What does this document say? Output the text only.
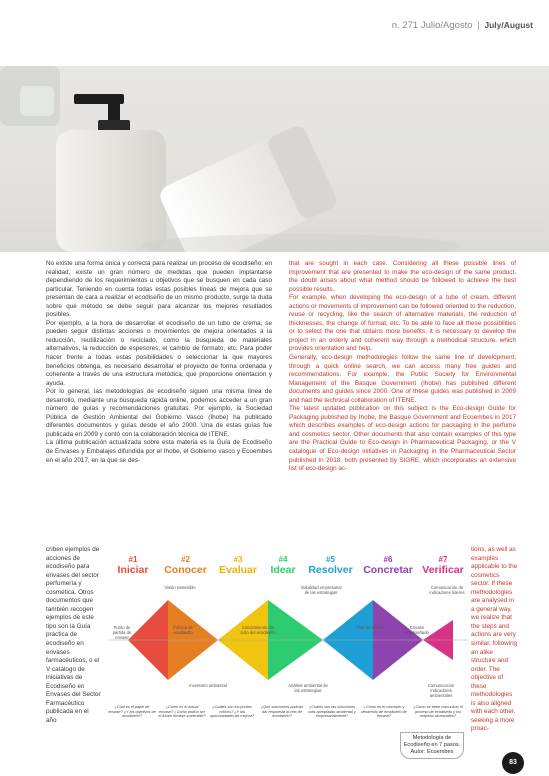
n. 271 Julio/Agosto | July/August

No existe una forma única y correcta para realizar un proceso de ecodiseño; en realidad, existe un gran número de medidas que pueden implantarse dependiendo de los requerimientos u objetivos que se busquen en cada caso particular. Teniendo en cuenta todas estas posibles líneas de mejora que se presentan de cara a realizar el ecodiseño de un mismo producto, surge la duda sobre qué método se debe seguir para alcanzar los mejores resultados posibles.

Por ejemplo, a la hora de desarrollar el ecodiseño de un tubo de crema, se pueden seguir distintas acciones o movimientos de mejora orientados a la reducción, reutilización o reciclado, como la búsqueda de materiales alternativos, la reducción de espesores, el cambio de formato, etc. Para poder hacer frente a todas estas posibilidades o seleccionar la que mayores beneficios obtenga, es necesario desarrollar el proyecto de forma ordenada y coherente a través de una estructura metódica, que proporcione orientación y ayuda.

Por lo general, las metodologías de ecodiseño siguen una misma línea de desarrollo, mediante una búsqueda rápida online, podemos acceder a un gran número de guías y recomendaciones gratuitas. Por ejemplo, la Sociedad Pública de Gestión Ambiental del Gobierno Vasco (Ihobe) ha publicado diferentes documentos y guías desde el año 2000. Una de estas guías fue publicada en 2009 y contó con la colaboración técnica de ITENE.

La última publicación actualizada sobre esta materia es la Guía de Ecodiseño de Envases y Embalajes difundida por el Ihobe, el Gobierno vasco y Ecoembes en el año 2017, en la que se des-

criben ejemplos de acciones de ecodiseño para envases del sector perfumería y cosmética. Otros documentos que también recogen ejemplos de este tipo son la Guía práctica de ecodiseño en envases farmacéuticos, o el V catálogo de iniciativas de Ecodiseño en Envases del Sector Farmacéutico publicada en el año

that are sought in each case. Considering all these possible lines of improvement that are presented to make the eco-design of the same product, the doubt arises about what method should be followed to achieve the best possible results.

For example, when developing the eco-design of a tube of cream, different actions or movements of improvement can be followed oriented to the reduction, reuse or recycling, like the search of alternative materials, the reduction of thicknesses, the change of format, etc. To be able to face all these possibilities or to select the one that obtains more benefits, it is necessary to develop the project in an orderly and coherent way through a methodical structure, which provides orientation and help.

Generally, eco-design methodologies follow the same line of development; through a quick online search, we can access many free guides and recommendations. For example, the Public Society for Environmental Management of the Basque Government (Ihobe) has published different documents and guides since 2000. One of these guides was published in 2009 and had the technical collaboration of ITENE.

The latest updated publication on this subject is the Eco-design Guide for Packaging published by Ihobe, the Basque Government and Ecoembes in 2017 which describes examples of eco-design actions for packaging in the perfume and cosmetics sector. Other documents that also contain examples of this type are the Practical Guide to Eco-design in Pharmaceutical Packaging, or the V catalogue of Eco-design initiatives in Packaging in the Pharmaceutical Sector published in 2018, both presented by SIGRE, which incorporates an extensive list of eco-design ac-

tions, as well as examples applicable to the cosmetics sector. If these methodologies are analysed in a general way, we realize that the steps and actions are very similar, following an alike structure and order. The objective of these methodologies is also aligned with each other, seeking a more proac-
#1
Iniciar
#2
Conocer
#3
Evaluar
#4
Idear
#5
Resolver
#6
Concretar
#7
Verificar
Visión sostenible	Viabilidad empresarial de las estrategias
Comunicación de indicadores líderes
Punto de partida de envase
Política de ecodiseño
Conocimiento del ciclo del ecodiseño
Plan de acción	Envase ecodiseñado
Inventario ambiental	Análisis ambiental de las estrategias
Comunicación Indicadores ambientales
¿Cuál es el papel de envase? ¿Y los objetivos de ecodiseño?
¿Cómo es el actual envase? ¿Cómo podría ser el futuro envase sostenible?
¿Cuáles son los puntos críticos? ¿Y las oportunidades de mejora?
¿Qué soluciones podrían dar respuesta al reto de ecodiseño?
¿Cuáles son las soluciones más apropiadas ambiental y empresarialmente?
¿Cómo es el concepto y desarrollo de ecodiseño de envase?
¿Cómo se debe comunicar el proceso de ecodiseño y los mejoras alcanzados?
Metodología de Ecodiseño en 7 pasos. Autor: Ecoembes
83
